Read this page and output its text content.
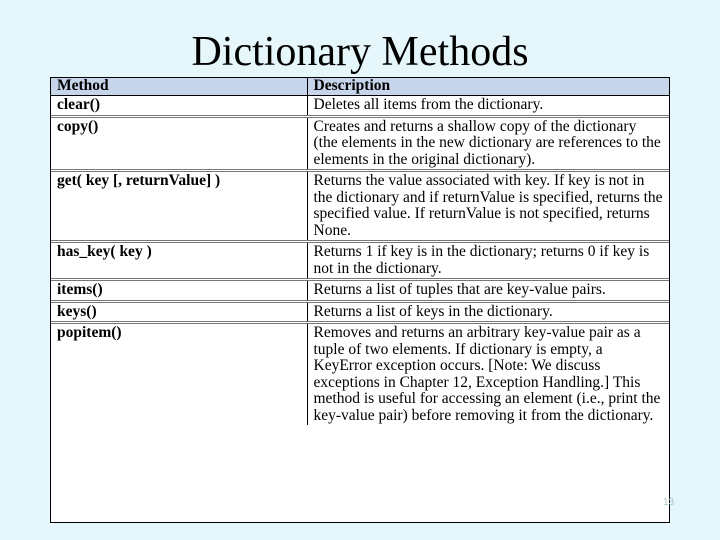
Dictionary Methods
Method	Description
clear()	Deletes all items from the dictionary.
copy()	Creates and returns a shallow copy of the dictionary (the elements in the new dictionary are references to the elements in the original dictionary).
get( key [, returnValue] )	Returns the value associated with key. If key is not in the dictionary and if returnValue is specified, returns the specified value. If returnValue is not specified, returns None.
has_key( key )	Returns 1 if key is in the dictionary; returns 0 if key is not in the dictionary.
items()	Returns a list of tuples that are key-value pairs.
keys()	Returns a list of keys in the dictionary.
popitem()	Removes and returns an arbitrary key-value pair as a tuple of two elements. If dictionary is empty, a KeyError exception occurs. [Note: We discuss exceptions in Chapter 12, Exception Handling.] This method is useful for accessing an element (i.e., print the key-value pair) before removing it from the dictionary.
13
